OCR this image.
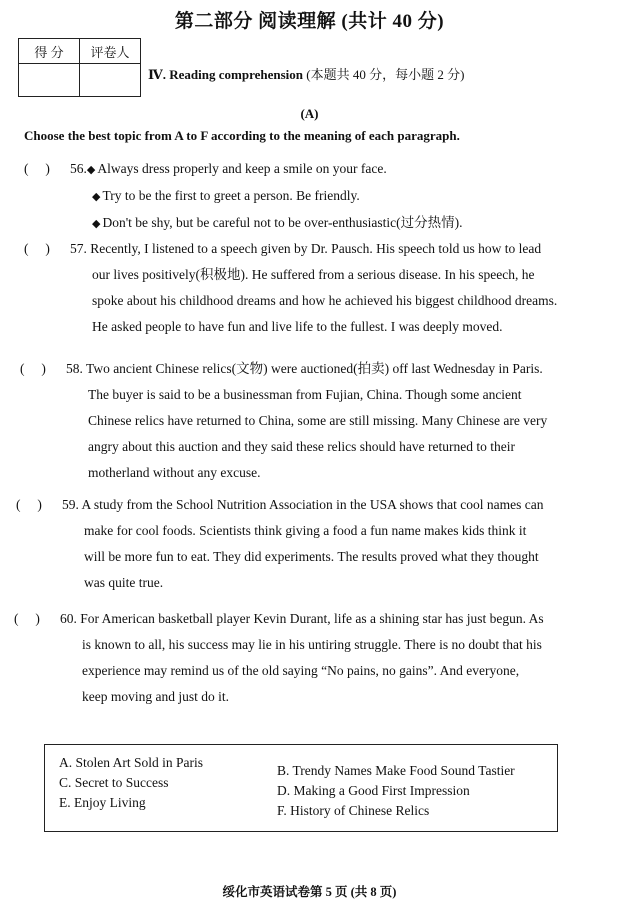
第二部分 阅读理解 (共计 40 分)
得 分	评卷人

Ⅳ. Reading comprehension (本题共 40 分，每小题 2 分)
(A)
Choose the best topic from A to F according to the meaning of each paragraph.
(     )	56.◆ Always dress properly and keep a smile on your face.
◆ Try to be the first to greet a person. Be friendly.
◆ Don't be shy, but be careful not to be over-enthusiastic(过分热情).
(     )	57. Recently, I listened to a speech given by Dr. Pausch. His speech told us how to lead
our lives positively(积极地). He suffered from a serious disease. In his speech, he
spoke about his childhood dreams and how he achieved his biggest childhood dreams.
He asked people to have fun and live life to the fullest. I was deeply moved.
(     )	58. Two ancient Chinese relics(文物) were auctioned(拍卖) off last Wednesday in Paris.
The buyer is said to be a businessman from Fujian, China. Though some ancient
Chinese relics have returned to China, some are still missing. Many Chinese are very
angry about this auction and they said these relics should have returned to their
motherland without any excuse.
(     )	59. A study from the School Nutrition Association in the USA shows that cool names can
make for cool foods. Scientists think giving a food a fun name makes kids think it
will be more fun to eat. They did experiments. The results proved what they thought
was quite true.
(     )	60. For American basketball player Kevin Durant, life as a shining star has just begun. As
is known to all, his success may lie in his untiring struggle. There is no doubt that his
experience may remind us of the old saying “No pains, no gains”. And everyone,
keep moving and just do it.
A. Stolen Art Sold in Paris
B. Trendy Names Make Food Sound Tastier
C. Secret to Success
D. Making a Good First Impression
E. Enjoy Living
F. History of Chinese Relics
绥化市英语试卷第 5 页 (共 8 页)
